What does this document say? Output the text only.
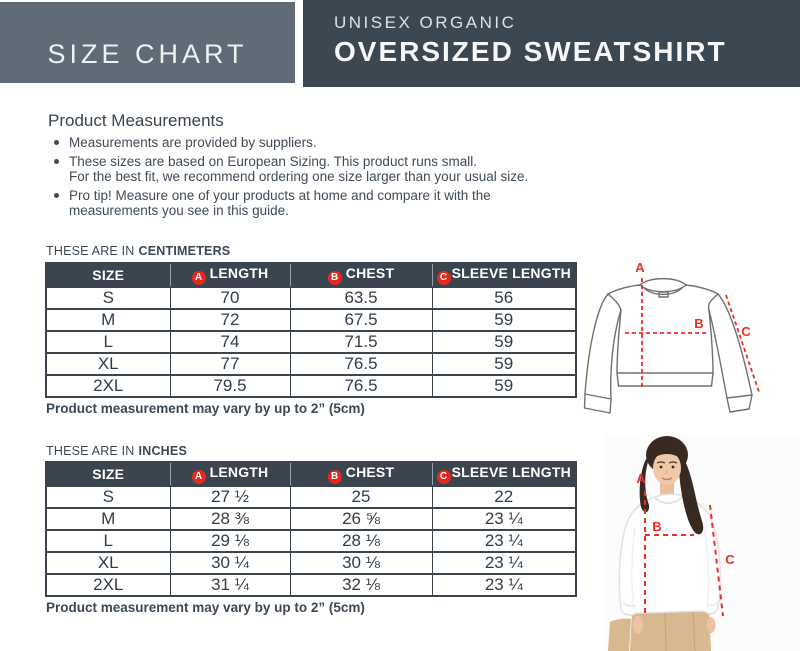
SIZE CHART
UNISEX ORGANIC
OVERSIZED SWEATSHIRT
Product Measurements
Measurements are provided by suppliers.
These sizes are based on European Sizing. This product runs small.
For the best fit, we recommend ordering one size larger than your usual size.
Pro tip! Measure one of your products at home and compare it with the
measurements you see in this guide.
THESE ARE IN CENTIMETERS
SIZE	A LENGTH	B CHEST	C SLEEVE LENGTH
S	70	63.5	56
M	72	67.5	59
L	74	71.5	59
XL	77	76.5	59
2XL	79.5	76.5	59
Product measurement may vary by up to 2” (5cm)
THESE ARE IN INCHES
SIZE	A LENGTH	B CHEST	C SLEEVE LENGTH
S	27 ½	25	22
M	28 ⅜	26 ⅝	23 ¼
L	29 ⅛	28 ⅛	23 ¼
XL	30 ¼	30 ⅛	23 ¼
2XL	31 ¼	32 ⅛	23 ¼
Product measurement may vary by up to 2” (5cm)
A
B
C
A
B
C
